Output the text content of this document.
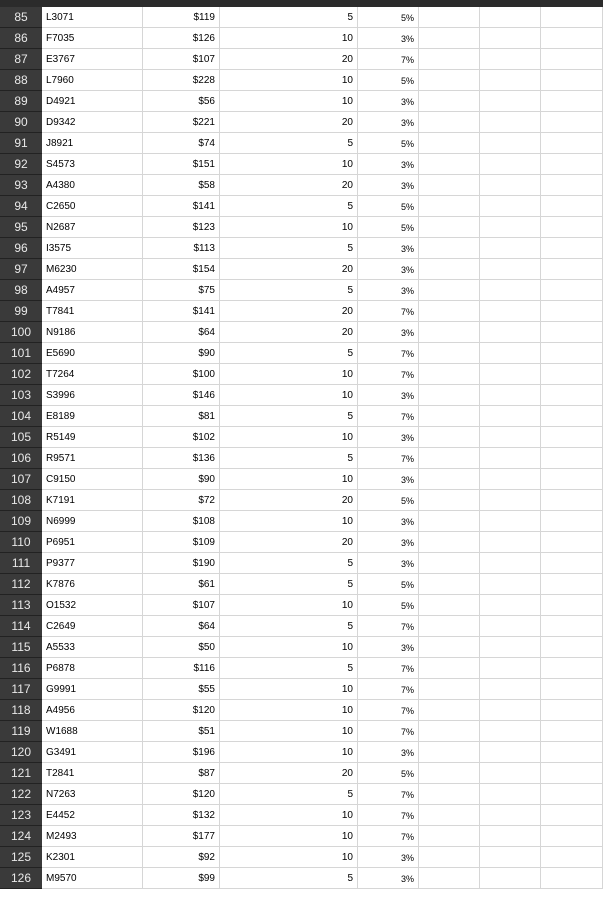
85	L3071	$119	5	5%
86	F7035	$126	10	3%
87	E3767	$107	20	7%
88	L7960	$228	10	5%
89	D4921	$56	10	3%
90	D9342	$221	20	3%
91	J8921	$74	5	5%
92	S4573	$151	10	3%
93	A4380	$58	20	3%
94	C2650	$141	5	5%
95	N2687	$123	10	5%
96	I3575	$113	5	3%
97	M6230	$154	20	3%
98	A4957	$75	5	3%
99	T7841	$141	20	7%
100	N9186	$64	20	3%
101	E5690	$90	5	7%
102	T7264	$100	10	7%
103	S3996	$146	10	3%
104	E8189	$81	5	7%
105	R5149	$102	10	3%
106	R9571	$136	5	7%
107	C9150	$90	10	3%
108	K7191	$72	20	5%
109	N6999	$108	10	3%
110	P6951	$109	20	3%
111	P9377	$190	5	3%
112	K7876	$61	5	5%
113	O1532	$107	10	5%
114	C2649	$64	5	7%
115	A5533	$50	10	3%
116	P6878	$116	5	7%
117	G9991	$55	10	7%
118	A4956	$120	10	7%
119	W1688	$51	10	7%
120	G3491	$196	10	3%
121	T2841	$87	20	5%
122	N7263	$120	5	7%
123	E4452	$132	10	7%
124	M2493	$177	10	7%
125	K2301	$92	10	3%
126	M9570	$99	5	3%
